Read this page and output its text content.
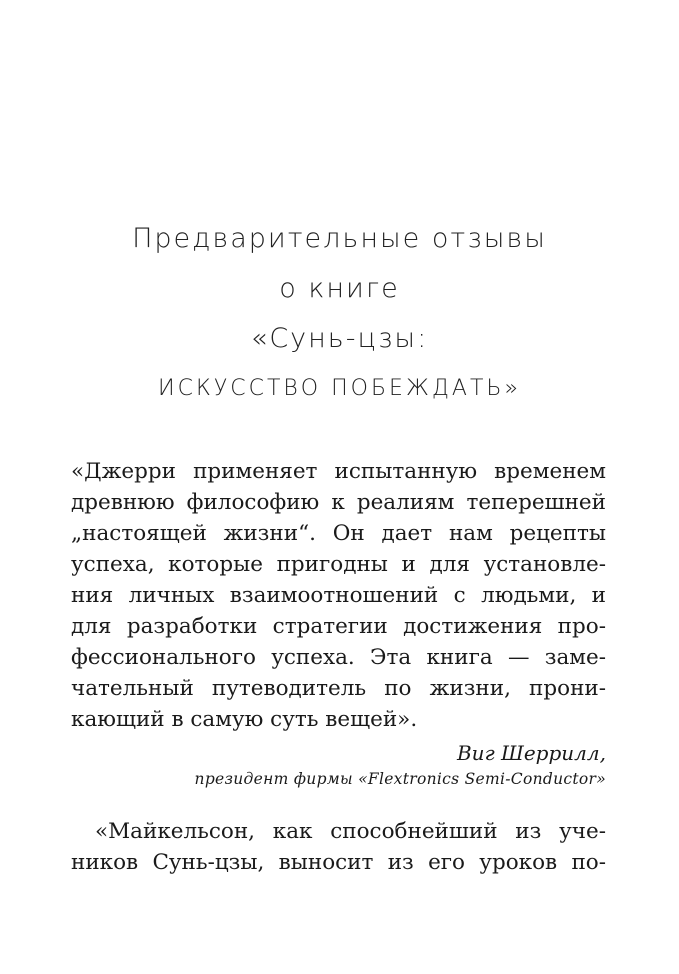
Предварительные отзывы
о книге
«Сунь-цзы:
ИСКУССТВО ПОБЕЖДАТЬ»
«Джерри применяет испытанную временем
древнюю философию к реалиям теперешней
„настоящей жизни“. Он дает нам рецепты
успеха, которые пригодны и для установле-
ния личных взаимоотношений с людьми, и
для разработки стратегии достижения про-
фессионального успеха. Эта книга — заме-
чательный путеводитель по жизни, прони-
кающий в самую суть вещей».
Виг Шеррилл,
президент фирмы «Flextronics Semi-Conductor»
«Майкельсон, как способнейший из уче-
ников Сунь-цзы, выносит из его уроков по-
